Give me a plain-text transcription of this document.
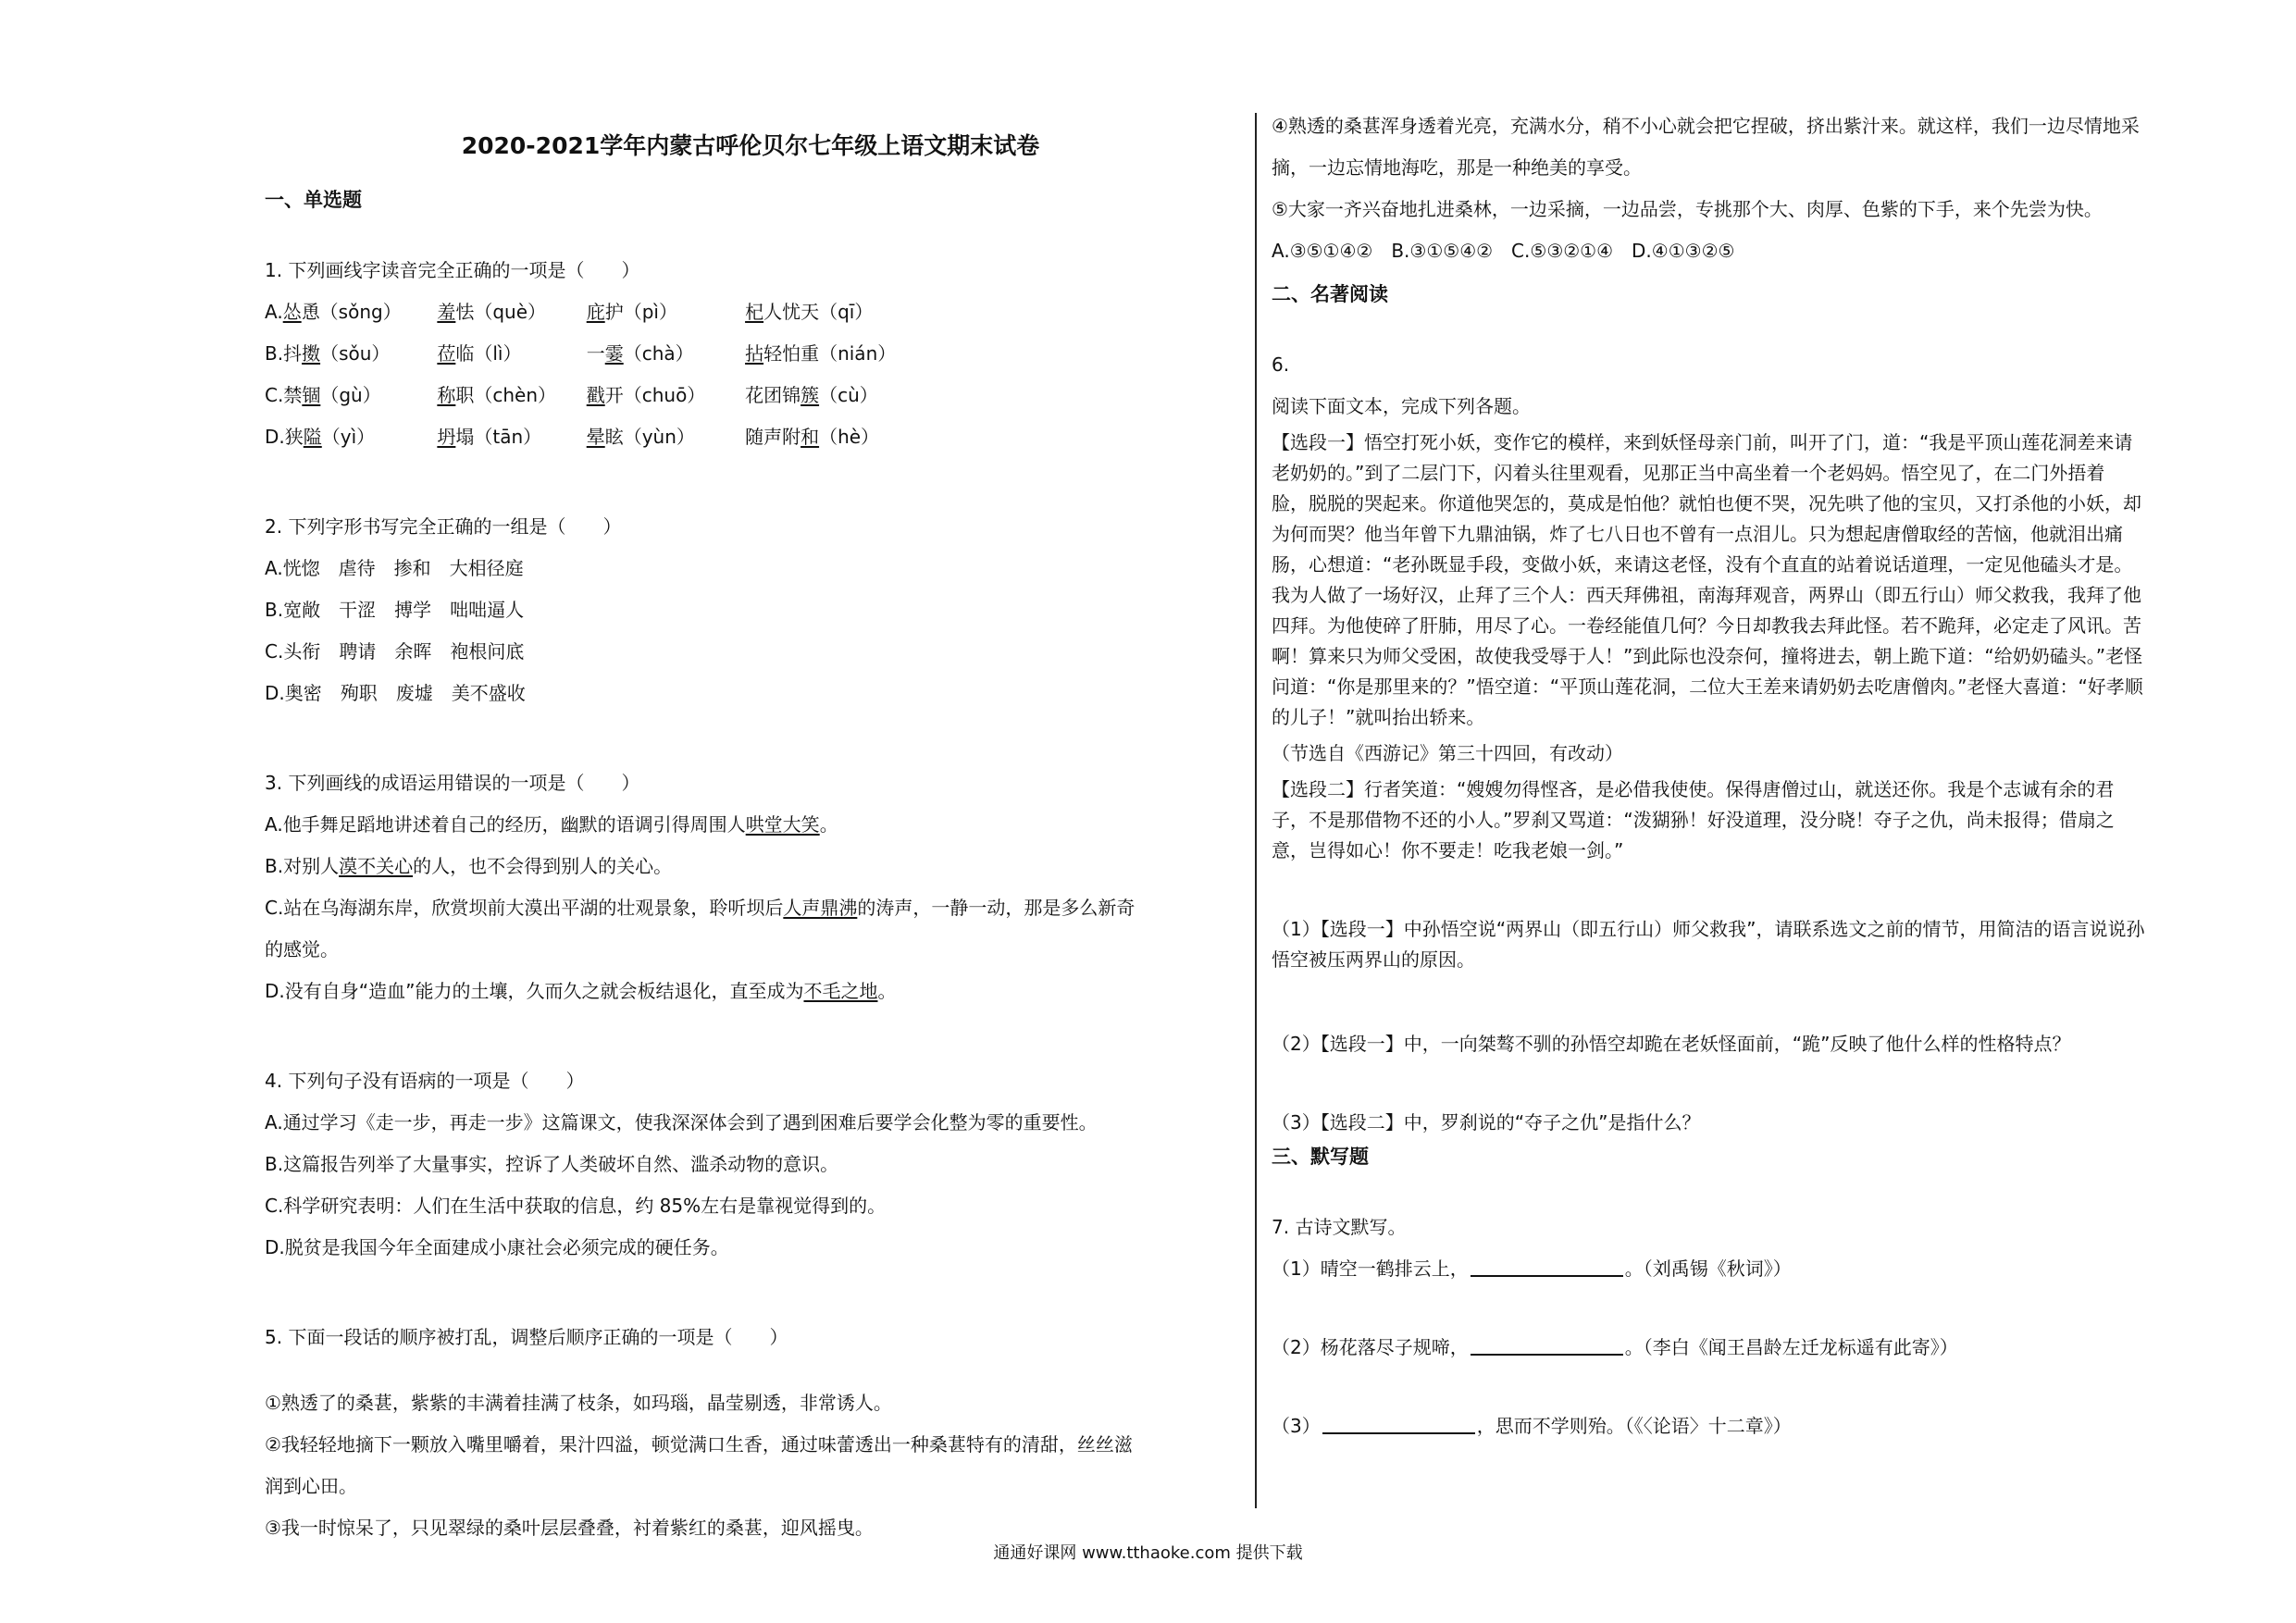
2020-2021学年内蒙古呼伦贝尔七年级上语文期末试卷
一、单选题
1. 下列画线字读音完全正确的一项是（　　）
A.怂恿（sǒng） 羞怯（què） 庇护（pì）	杞人忧天（qī）
B.抖擞（sǒu）	莅临（lì）	一霎（chà）	拈轻怕重（nián）
C.禁锢（gù）	称职（chèn） 戳开（chuō） 花团锦簇（cù）
D.狭隘（yì）	坍塌（tān） 晕眩（yùn）	随声附和（hè）
2. 下列字形书写完全正确的一组是（　　）
A.恍惚　虐待　掺和　大相径庭
B.宽敞　干涩　搏学　咄咄逼人
C.头衔　聘请　余晖　袍根问底
D.奥密　殉职　废墟　美不盛收
3. 下列画线的成语运用错误的一项是（　　）
A.他手舞足蹈地讲述着自己的经历，幽默的语调引得周围人哄堂大笑。
B.对别人漠不关心的人，也不会得到别人的关心。
C.站在乌海湖东岸，欣赏坝前大漠出平湖的壮观景象，聆听坝后人声鼎沸的涛声，一静一动，那是多么新奇
的感觉。
D.没有自身“造血”能力的土壤，久而久之就会板结退化，直至成为不毛之地。
4. 下列句子没有语病的一项是（　　）
A.通过学习《走一步，再走一步》这篇课文，使我深深体会到了遇到困难后要学会化整为零的重要性。
B.这篇报告列举了大量事实，控诉了人类破坏自然、滥杀动物的意识。
C.科学研究表明：人们在生活中获取的信息，约 85%左右是靠视觉得到的。
D.脱贫是我国今年全面建成小康社会必须完成的硬任务。
5. 下面一段话的顺序被打乱，调整后顺序正确的一项是（　　）
①熟透了的桑葚，紫紫的丰满着挂满了枝条，如玛瑙，晶莹剔透，非常诱人。
②我轻轻地摘下一颗放入嘴里嚼着，果汁四溢，顿觉满口生香，通过味蕾透出一种桑葚特有的清甜，丝丝滋
润到心田。
③我一时惊呆了，只见翠绿的桑叶层层叠叠，衬着紫红的桑葚，迎风摇曳。
④熟透的桑葚浑身透着光亮，充满水分，稍不小心就会把它捏破，挤出紫汁来。就这样，我们一边尽情地采
摘，一边忘情地海吃，那是一种绝美的享受。
⑤大家一齐兴奋地扎进桑林，一边采摘，一边品尝，专挑那个大、肉厚、色紫的下手，来个先尝为快。
A.③⑤①④②　B.③①⑤④②　C.⑤③②①④　D.④①③②⑤
二、名著阅读
6.
阅读下面文本，完成下列各题。
【选段一】悟空打死小妖，变作它的模样，来到妖怪母亲门前，叫开了门，道：“我是平顶山莲花洞差来请
老奶奶的。”到了二层门下，闪着头往里观看，见那正当中高坐着一个老妈妈。悟空见了，在二门外捂着
脸，脱脱的哭起来。你道他哭怎的，莫成是怕他？就怕也便不哭，况先哄了他的宝贝，又打杀他的小妖，却
为何而哭？他当年曾下九鼎油锅，炸了七八日也不曾有一点泪儿。只为想起唐僧取经的苦恼，他就泪出痛
肠，心想道：“老孙既显手段，变做小妖，来请这老怪，没有个直直的站着说话道理，一定见他磕头才是。
我为人做了一场好汉，止拜了三个人：西天拜佛祖，南海拜观音，两界山（即五行山）师父救我，我拜了他
四拜。为他使碎了肝肺，用尽了心。一卷经能值几何？今日却教我去拜此怪。若不跪拜，必定走了风讯。苦
啊！算来只为师父受困，故使我受辱于人！”到此际也没奈何，撞将进去，朝上跪下道：“给奶奶磕头。”老怪
问道：“你是那里来的？”悟空道：“平顶山莲花洞，二位大王差来请奶奶去吃唐僧肉。”老怪大喜道：“好孝顺
的儿子！”就叫抬出轿来。
（节选自《西游记》第三十四回，有改动）
【选段二】行者笑道：“嫂嫂勿得悭吝，是必借我使使。保得唐僧过山，就送还你。我是个志诚有余的君
子，不是那借物不还的小人。”罗刹又骂道：“泼猢狲！好没道理，没分晓！夺子之仇，尚未报得；借扇之
意，岂得如心！你不要走！吃我老娘一剑。”
（1）【选段一】中孙悟空说“两界山（即五行山）师父救我”，请联系选文之前的情节，用简洁的语言说说孙
悟空被压两界山的原因。
（2）【选段一】中，一向桀骜不驯的孙悟空却跪在老妖怪面前，“跪”反映了他什么样的性格特点？
（3）【选段二】中，罗刹说的“夺子之仇”是指什么？
三、默写题
7. 古诗文默写。
（1）晴空一鹤排云上，	。（刘禹锡《秋词》）
（2）杨花落尽子规啼，	。（李白《闻王昌龄左迁龙标遥有此寄》）
（3）	，思而不学则殆。（《〈论语〉十二章》）
通通好课网 www.tthaoke.com 提供下载
